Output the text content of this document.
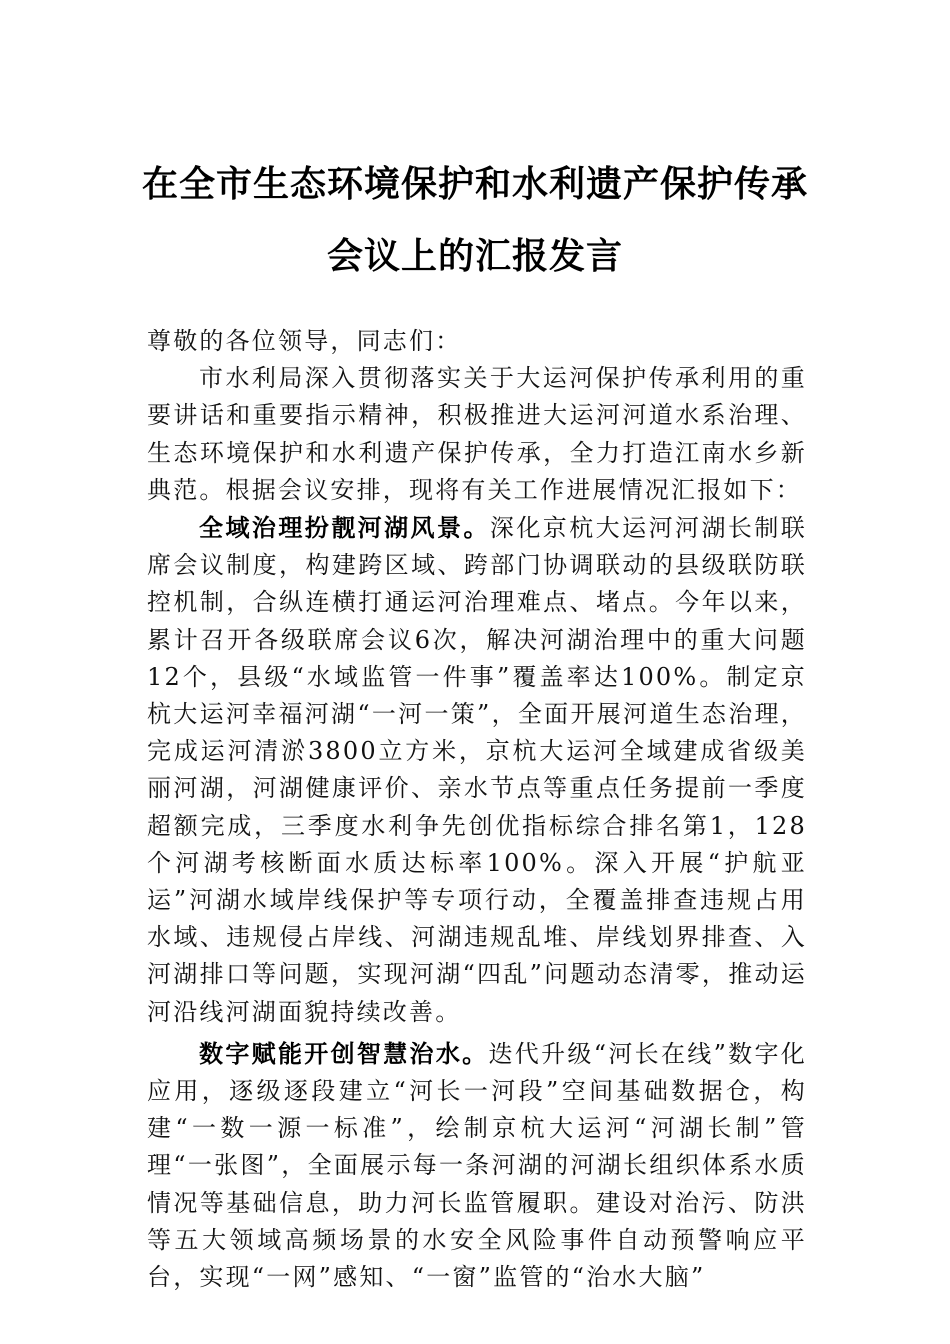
在全市生态环境保护和水利遗产保护传承
会议上的汇报发言

尊敬的各位领导，同志们：

市水利局深入贯彻落实关于大运河保护传承利用的重要讲话和重要指示精神，积极推进大运河河道水系治理、生态环境保护和水利遗产保护传承，全力打造江南水乡新典范。根据会议安排，现将有关工作进展情况汇报如下：

全域治理扮靓河湖风景。深化京杭大运河河湖长制联席会议制度，构建跨区域、跨部门协调联动的县级联防联控机制，合纵连横打通运河治理难点、堵点。今年以来，累计召开各级联席会议6次，解决河湖治理中的重大问题12个，县级“水域监管一件事”覆盖率达100%。制定京杭大运河幸福河湖“一河一策”，全面开展河道生态治理，完成运河清淤3800立方米，京杭大运河全域建成省级美丽河湖，河湖健康评价、亲水节点等重点任务提前一季度超额完成，三季度水利争先创优指标综合排名第1，128个河湖考核断面水质达标率100%。深入开展“护航亚运”河湖水域岸线保护等专项行动，全覆盖排查违规占用水域、违规侵占岸线、河湖违规乱堆、岸线划界排查、入河湖排口等问题，实现河湖“四乱”问题动态清零，推动运河沿线河湖面貌持续改善。

数字赋能开创智慧治水。迭代升级“河长在线”数字化应用，逐级逐段建立“河长一河段”空间基础数据仓，构建“一数一源一标准”，绘制京杭大运河“河湖长制”管理“一张图”，全面展示每一条河湖的河湖长组织体系水质情况等基础信息，助力河长监管履职。建设对治污、防洪等五大领域高频场景的水安全风险事件自动预警响应平台，实现“一网”感知、“一窗”监管的“治水大脑”
